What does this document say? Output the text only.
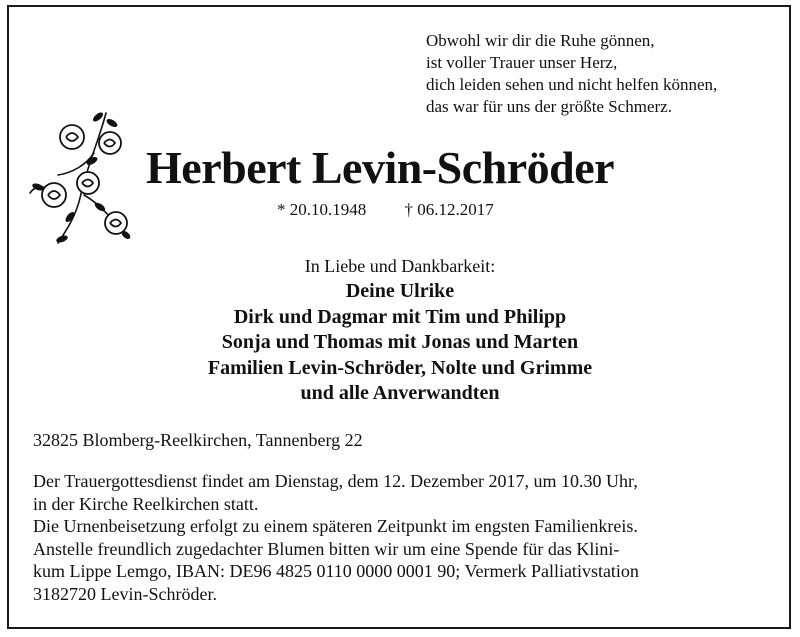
Obwohl wir dir die Ruhe gönnen,
ist voller Trauer unser Herz,
dich leiden sehen und nicht helfen können,
das war für uns der größte Schmerz.
Herbert Levin-Schröder
* 20.10.1948 † 06.12.2017
In Liebe und Dankbarkeit:
Deine Ulrike
Dirk und Dagmar mit Tim und Philipp
Sonja und Thomas mit Jonas und Marten
Familien Levin-Schröder, Nolte und Grimme
und alle Anverwandten
32825 Blomberg-Reelkirchen, Tannenberg 22
Der Trauergottesdienst findet am Dienstag, dem 12. Dezember 2017, um 10.30 Uhr,
in der Kirche Reelkirchen statt.
Die Urnenbeisetzung erfolgt zu einem späteren Zeitpunkt im engsten Familienkreis.
Anstelle freundlich zugedachter Blumen bitten wir um eine Spende für das Klini-
kum Lippe Lemgo, IBAN: DE96 4825 0110 0000 0001 90; Vermerk Palliativstation
3182720 Levin-Schröder.
